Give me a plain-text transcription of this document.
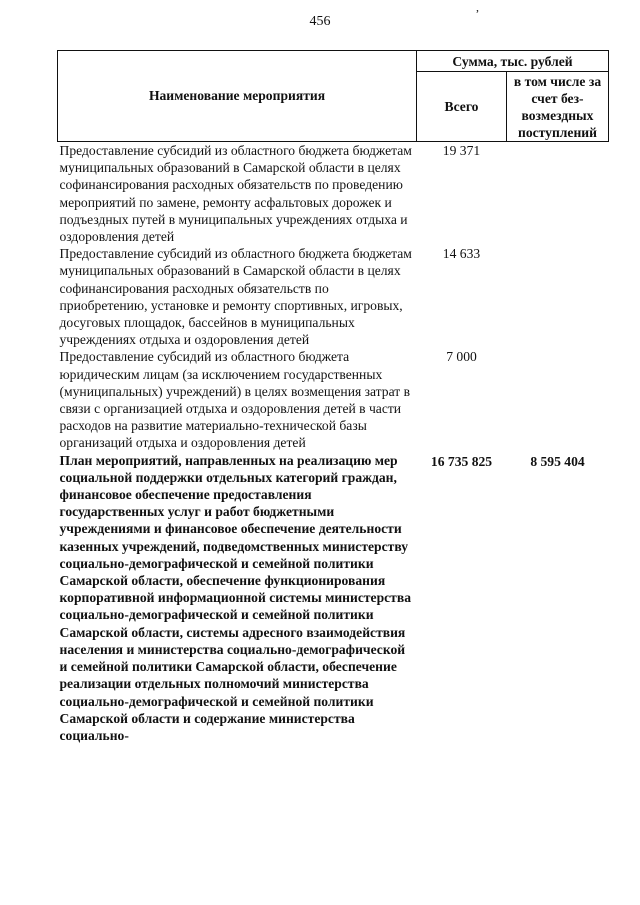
456
,
Наименование мероприятия	Сумма, тыс. рублей	
	Всего	в том числе за счет без-возмездных поступлений
Предоставление субсидий из областного бюджета бюджетам муниципальных образований в Самарской области в целях софинансирования расходных обязательств по проведению мероприятий по замене, ремонту асфальтовых дорожек и подъездных путей в муниципальных учреждениях отдыха и оздоровления детей	19 371	
Предоставление субсидий из областного бюджета бюджетам муниципальных образований в Самарской области в целях софинансирования расходных обязательств по приобретению, установке и ремонту спортивных, игровых, досуговых площадок, бассейнов в муниципальных учреждениях отдыха и оздоровления детей	14 633	
Предоставление субсидий из областного бюджета юридическим лицам (за исключением государственных (муниципальных) учреждений) в целях возмещения затрат в связи с организацией отдыха и оздоровления детей в части расходов на развитие материально-технической базы организаций отдыха и оздоровления детей	7 000	
План мероприятий, направленных на реализацию мер социальной поддержки отдельных категорий граждан, финансовое обеспечение предоставления государственных услуг и работ бюджетными учреждениями и финансовое обеспечение деятельности казенных учреждений, подведомственных министерству социально-демографической и семейной политики Самарской области, обеспечение функционирования корпоративной информационной системы министерства социально-демографической и семейной политики Самарской области, системы адресного взаимодействия населения и министерства социально-демографической и семейной политики Самарской области, обеспечение реализации отдельных полномочий министерства социально-демографической и семейной политики Самарской области и содержание министерства социально-	16 735 825	8 595 404
